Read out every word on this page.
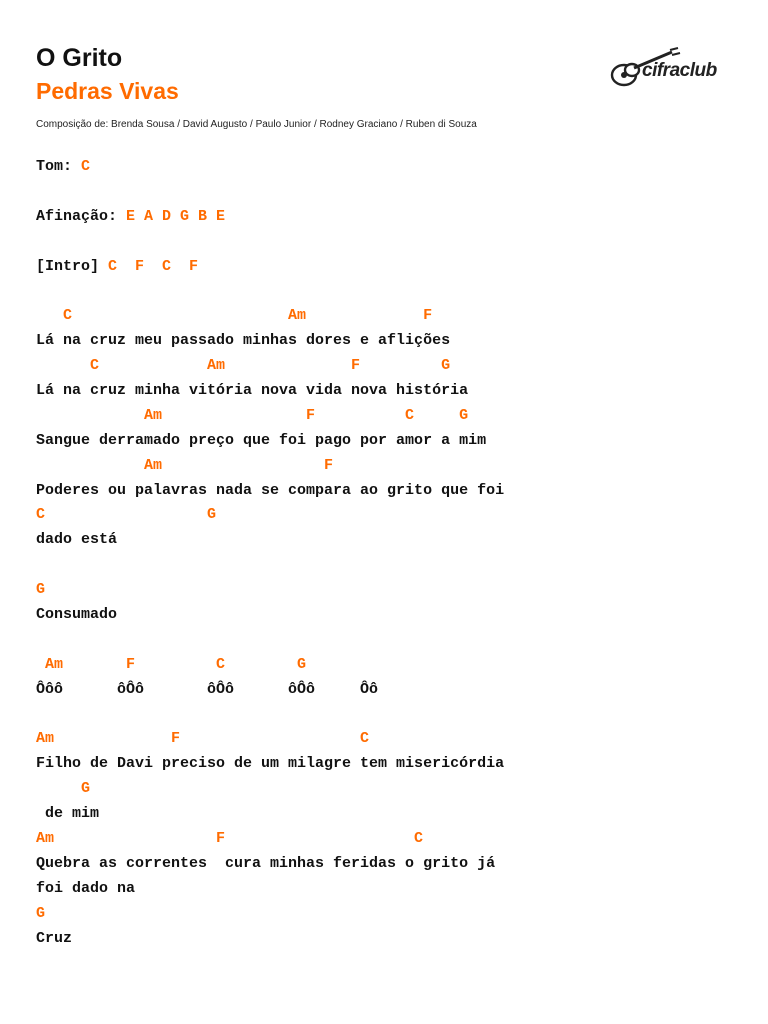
O Grito
Pedras Vivas
Composição de: Brenda Sousa / David Augusto / Paulo Junior / Rodney Graciano / Ruben di Souza
cifraclub
Tom: C
Afinação: E A D G B E
[Intro] C  F  C  F
C                        Am             F
Lá na cruz meu passado minhas dores e aflições
C            Am              F         G
Lá na cruz minha vitória nova vida nova história
Am                F          C     G
Sangue derramado preço que foi pago por amor a mim
Am                  F
Poderes ou palavras nada se compara ao grito que foi
C                  G
dado está
G
Consumado
Am       F         C        G
Ôôô      ôÔô       ôÔô      ôÔô     Ôô
Am             F                    C
Filho de Davi preciso de um milagre tem misericórdia
G
de mim
Am                  F                     C
Quebra as correntes  cura minhas feridas o grito já
foi dado na
G
Cruz
